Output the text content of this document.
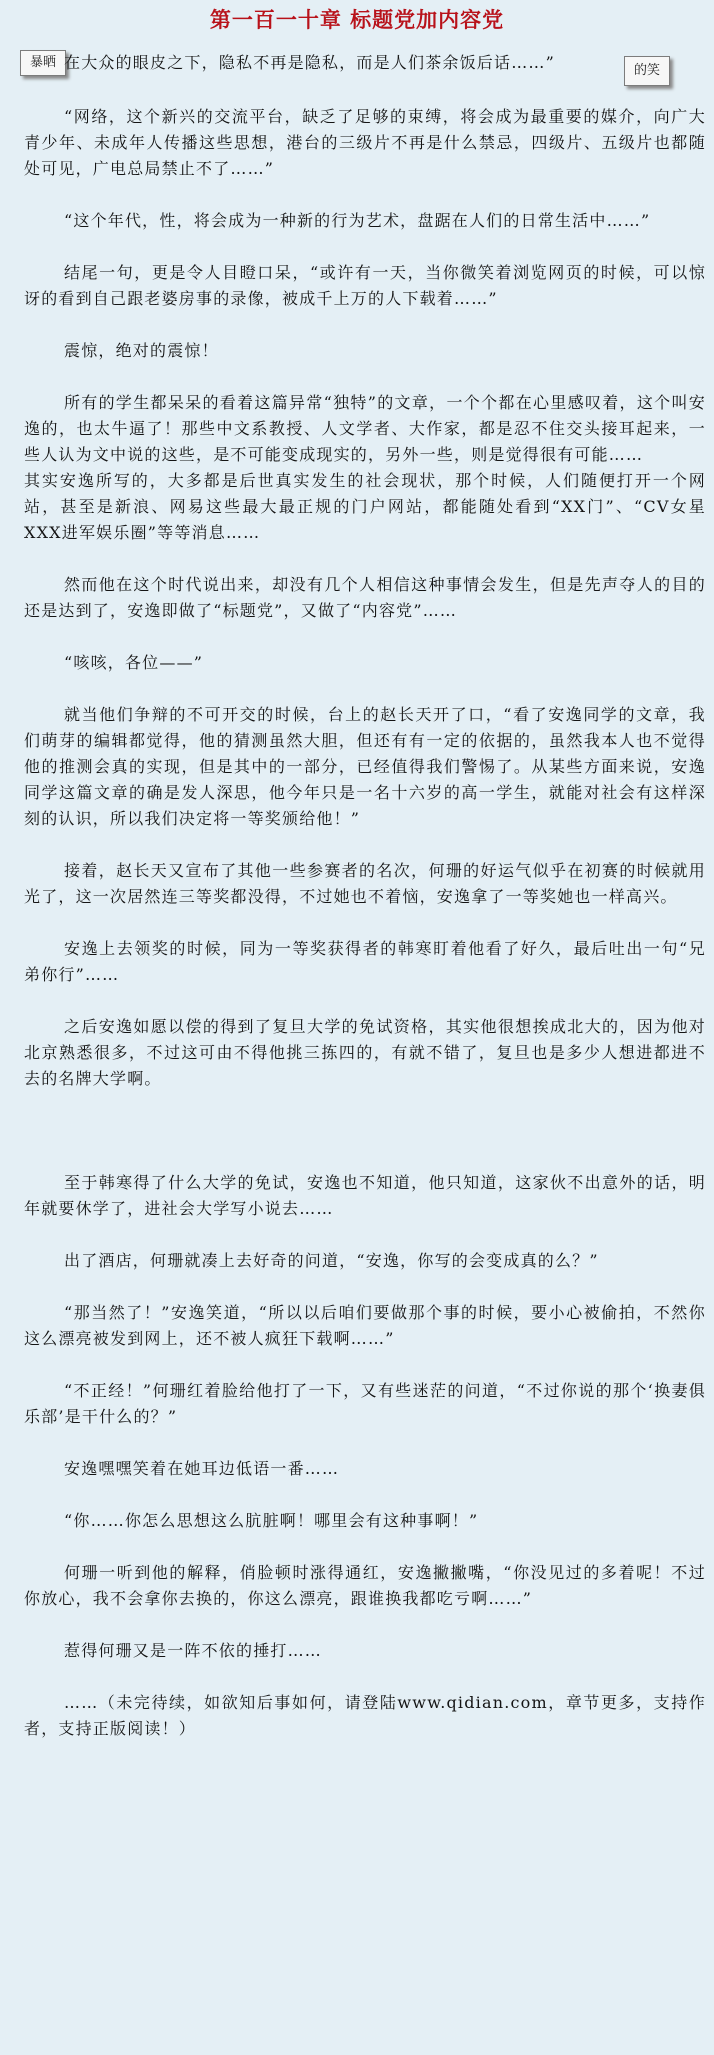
第一百一十章 标题党加内容党
暴晒
的笑

在大众的眼皮之下，隐私不再是隐私，而是人们茶余饭后话……”

“网络，这个新兴的交流平台，缺乏了足够的束缚，将会成为最重要的媒介，向广大青少年、未成年人传播这些思想，港台的三级片不再是什么禁忌，四级片、五级片也都随处可见，广电总局禁止不了……”

“这个年代，性，将会成为一种新的行为艺术，盘踞在人们的日常生活中……”

结尾一句，更是令人目瞪口呆，“或许有一天，当你微笑着浏览网页的时候，可以惊讶的看到自己跟老婆房事的录像，被成千上万的人下载着……”

震惊，绝对的震惊！

所有的学生都呆呆的看着这篇异常“独特”的文章，一个个都在心里感叹着，这个叫安逸的，也太牛逼了！那些中文系教授、人文学者、大作家，都是忍不住交头接耳起来，一些人认为文中说的这些，是不可能变成现实的，另外一些，则是觉得很有可能……
其实安逸所写的，大多都是后世真实发生的社会现状，那个时候，人们随便打开一个网站，甚至是新浪、网易这些最大最正规的门户网站，都能随处看到“XX门”、“CV女星XXX进军娱乐圈”等等消息……

然而他在这个时代说出来，却没有几个人相信这种事情会发生，但是先声夺人的目的还是达到了，安逸即做了“标题党”，又做了“内容党”……

“咳咳，各位——”

就当他们争辩的不可开交的时候，台上的赵长天开了口，“看了安逸同学的文章，我们萌芽的编辑都觉得，他的猜测虽然大胆，但还有有一定的依据的，虽然我本人也不觉得他的推测会真的实现，但是其中的一部分，已经值得我们警惕了。从某些方面来说，安逸同学这篇文章的确是发人深思，他今年只是一名十六岁的高一学生，就能对社会有这样深刻的认识，所以我们决定将一等奖颁给他！”

接着，赵长天又宣布了其他一些参赛者的名次，何珊的好运气似乎在初赛的时候就用光了，这一次居然连三等奖都没得，不过她也不着恼，安逸拿了一等奖她也一样高兴。

安逸上去领奖的时候，同为一等奖获得者的韩寒盯着他看了好久，最后吐出一句“兄弟你行”……

之后安逸如愿以偿的得到了复旦大学的免试资格，其实他很想挨成北大的，因为他对北京熟悉很多，不过这可由不得他挑三拣四的，有就不错了，复旦也是多少人想进都进不去的名牌大学啊。

至于韩寒得了什么大学的免试，安逸也不知道，他只知道，这家伙不出意外的话，明年就要休学了，进社会大学写小说去……

出了酒店，何珊就凑上去好奇的问道，“安逸，你写的会变成真的么？”

“那当然了！”安逸笑道，“所以以后咱们要做那个事的时候，要小心被偷拍，不然你这么漂亮被发到网上，还不被人疯狂下载啊……”

“不正经！”何珊红着脸给他打了一下，又有些迷茫的问道，“不过你说的那个‘换妻俱乐部’是干什么的？”

安逸嘿嘿笑着在她耳边低语一番……

“你……你怎么思想这么肮脏啊！哪里会有这种事啊！”

何珊一听到他的解释，俏脸顿时涨得通红，安逸撇撇嘴，“你没见过的多着呢！不过你放心，我不会拿你去换的，你这么漂亮，跟谁换我都吃亏啊……”

惹得何珊又是一阵不依的捶打……

……（未完待续，如欲知后事如何，请登陆www.qidian.com，章节更多，支持作者，支持正版阅读！）
